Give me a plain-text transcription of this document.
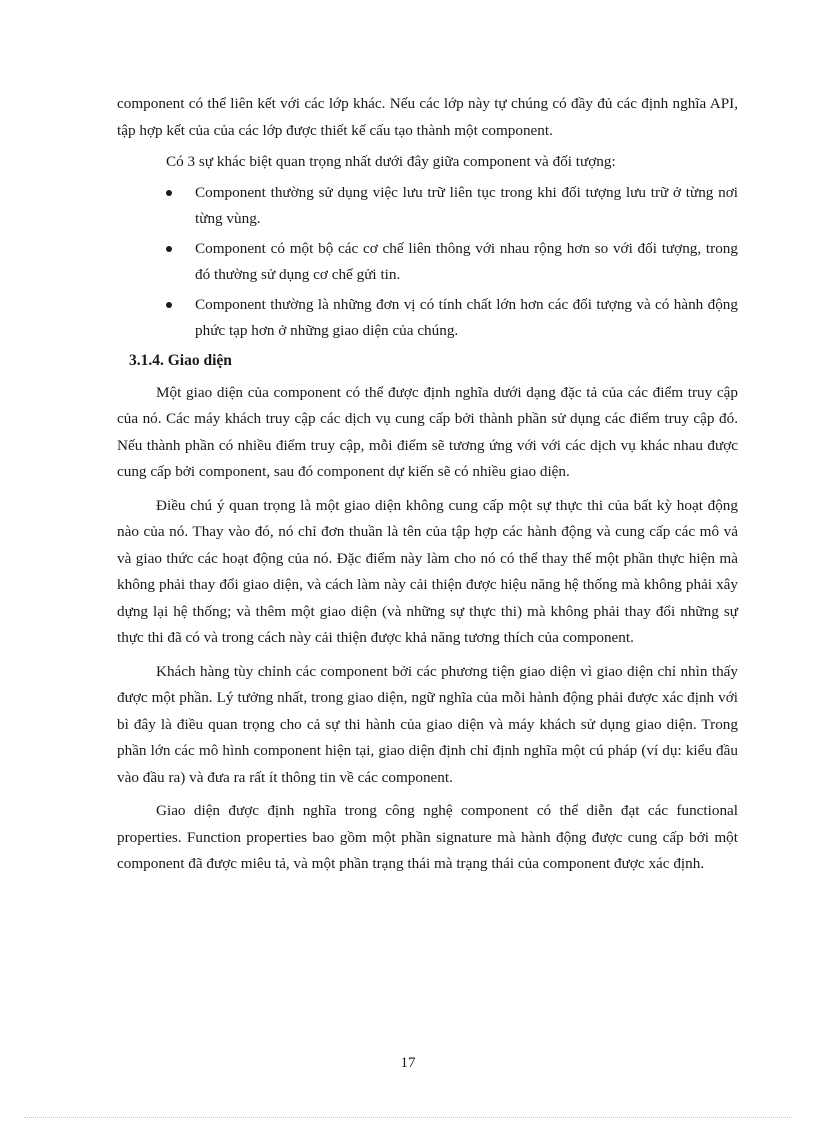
component có thể liên kết với các lớp khác. Nếu các lớp này tự chúng có đầy đủ các định nghĩa API, tập hợp kết của của các lớp được thiết kế cấu tạo thành một component.

Có 3 sự khác biệt quan trọng nhất dưới đây giữa component và đối tượng:

Component thường sử dụng việc lưu trữ liên tục trong khi đối tượng lưu trữ ở từng nơi từng vùng.
Component có một bộ các cơ chế liên thông với nhau rộng hơn so với đối tượng, trong đó thường sử dụng cơ chế gửi tin.
Component thường là những đơn vị có tính chất lớn hơn các đối tượng và có hành động phức tạp hơn ở những giao diện của chúng.
3.1.4. Giao diện

Một giao diện của component có thể được định nghĩa dưới dạng đặc tả của các điểm truy cập của nó. Các máy khách truy cập các dịch vụ cung cấp bởi thành phần sử dụng các điểm truy cập đó. Nếu thành phần có nhiều điểm truy cập, mỗi điểm sẽ tương ứng với với các dịch vụ khác nhau được cung cấp bởi component, sau đó component dự kiến sẽ có nhiều giao diện.

Điều chú ý quan trọng là một giao diện không cung cấp một sự thực thi của bất kỳ hoạt động nào của nó. Thay vào đó, nó chỉ đơn thuần là tên của tập hợp các hành động và cung cấp các mô vả và giao thức các hoạt động của nó. Đặc điểm này làm cho nó có thể thay thế một phần thực hiện mà không phải thay đổi giao diện, và cách làm này cải thiện được hiệu năng hệ thống mà không phải xây dựng lại hệ thống; và thêm một giao diện (và những sự thực thi) mà không phải thay đổi những sự thực thi đã có và trong cách này cải thiện được khả năng tương thích của component.

Khách hàng tùy chỉnh các component bởi các phương tiện giao diện vì giao diện chỉ nhìn thấy được một phần. Lý tưởng nhất, trong giao diện, ngữ nghĩa của mỗi hành động phải được xác định với bì đây là điều quan trọng cho cả sự thi hành của giao diện và máy khách sử dụng giao diện. Trong phần lớn các mô hình component hiện tại, giao diện định chỉ định nghĩa một cú pháp (ví dụ: kiểu đầu vào đầu ra) và đưa ra rất ít thông tin về các component.

Giao diện được định nghĩa trong công nghệ component có thể diễn đạt các functional properties. Function properties bao gồm một phần signature mà hành động được cung cấp bởi một component đã được miêu tả, và một phần trạng thái mà trạng thái của component được xác định.

17
